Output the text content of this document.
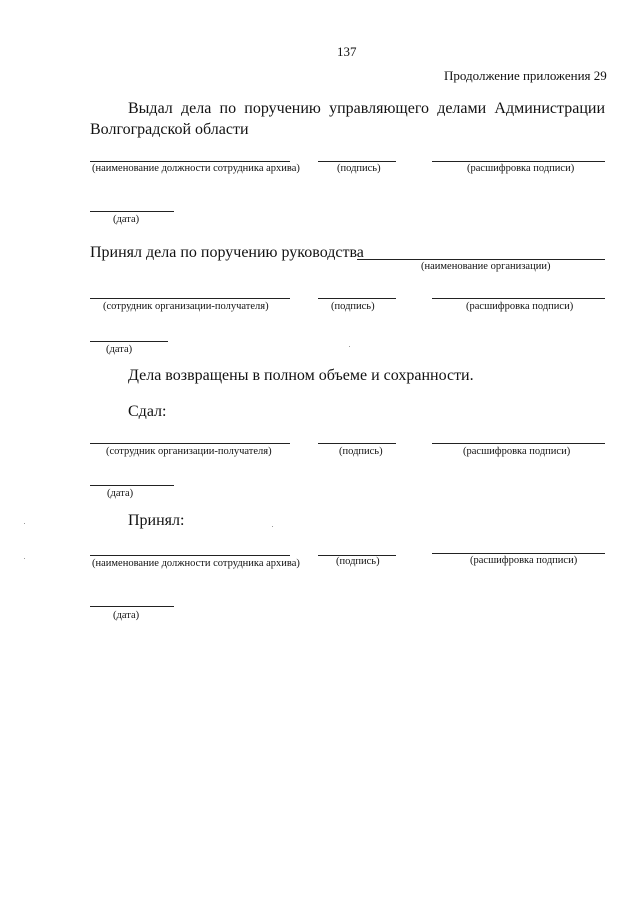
137
Продолжение приложения 29
Выдал дела по поручению управляющего делами Администрации Волгоградской области
(наименование должности сотрудника архива)	(подпись)	(расшифровка подписи)
(дата)
Принял дела по поручению руководства
(наименование организации)
(сотрудник организации-получателя)	(подпись)	(расшифровка подписи)
(дата)
Дела возвращены в полном объеме и сохранности.
Сдал:
(сотрудник организации-получателя)	(подпись)	(расшифровка подписи)
(дата)
Принял:
(наименование должности сотрудника архива)	(подпись)	(расшифровка подписи)
(дата)
